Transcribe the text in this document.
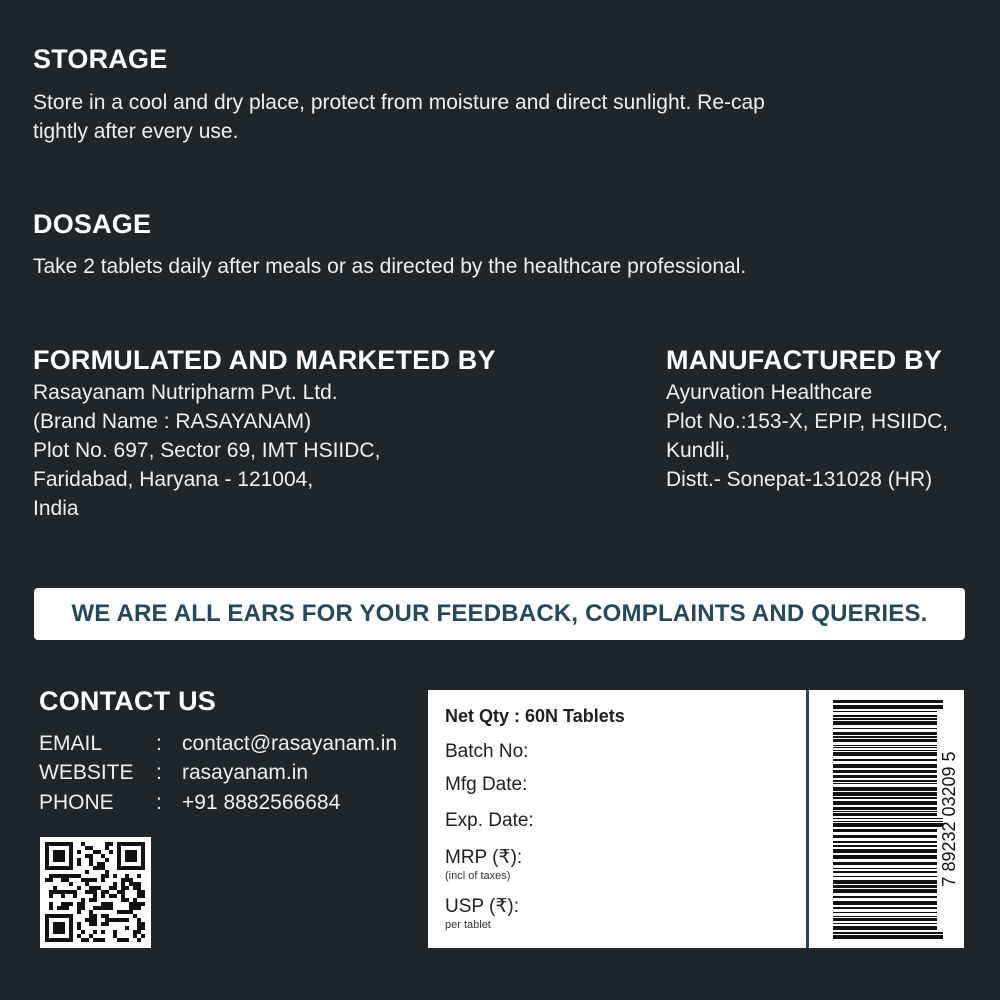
STORAGE
Store in a cool and dry place, protect from moisture and direct sunlight. Re-cap
tightly after every use.
DOSAGE
Take 2 tablets daily after meals or as directed by the healthcare professional.
FORMULATED AND MARKETED BY
Rasayanam Nutripharm Pvt. Ltd.
(Brand Name : RASAYANAM)
Plot No. 697, Sector 69, IMT HSIIDC,
Faridabad, Haryana - 121004,
India
MANUFACTURED BY
Ayurvation Healthcare
Plot No.:153-X, EPIP, HSIIDC,
Kundli,
Distt.- Sonepat-131028 (HR)
WE ARE ALL EARS FOR YOUR FEEDBACK, COMPLAINTS AND QUERIES.
CONTACT US
EMAIL	: contact@rasayanam.in
WEBSITE : rasayanam.in
PHONE : +91 8882566684
Net Qty : 60N Tablets
Batch No:
Mfg Date:
Exp. Date:
MRP (₹):
(incl of taxes)
USP (₹):
per tablet
7 89232 03209 5
